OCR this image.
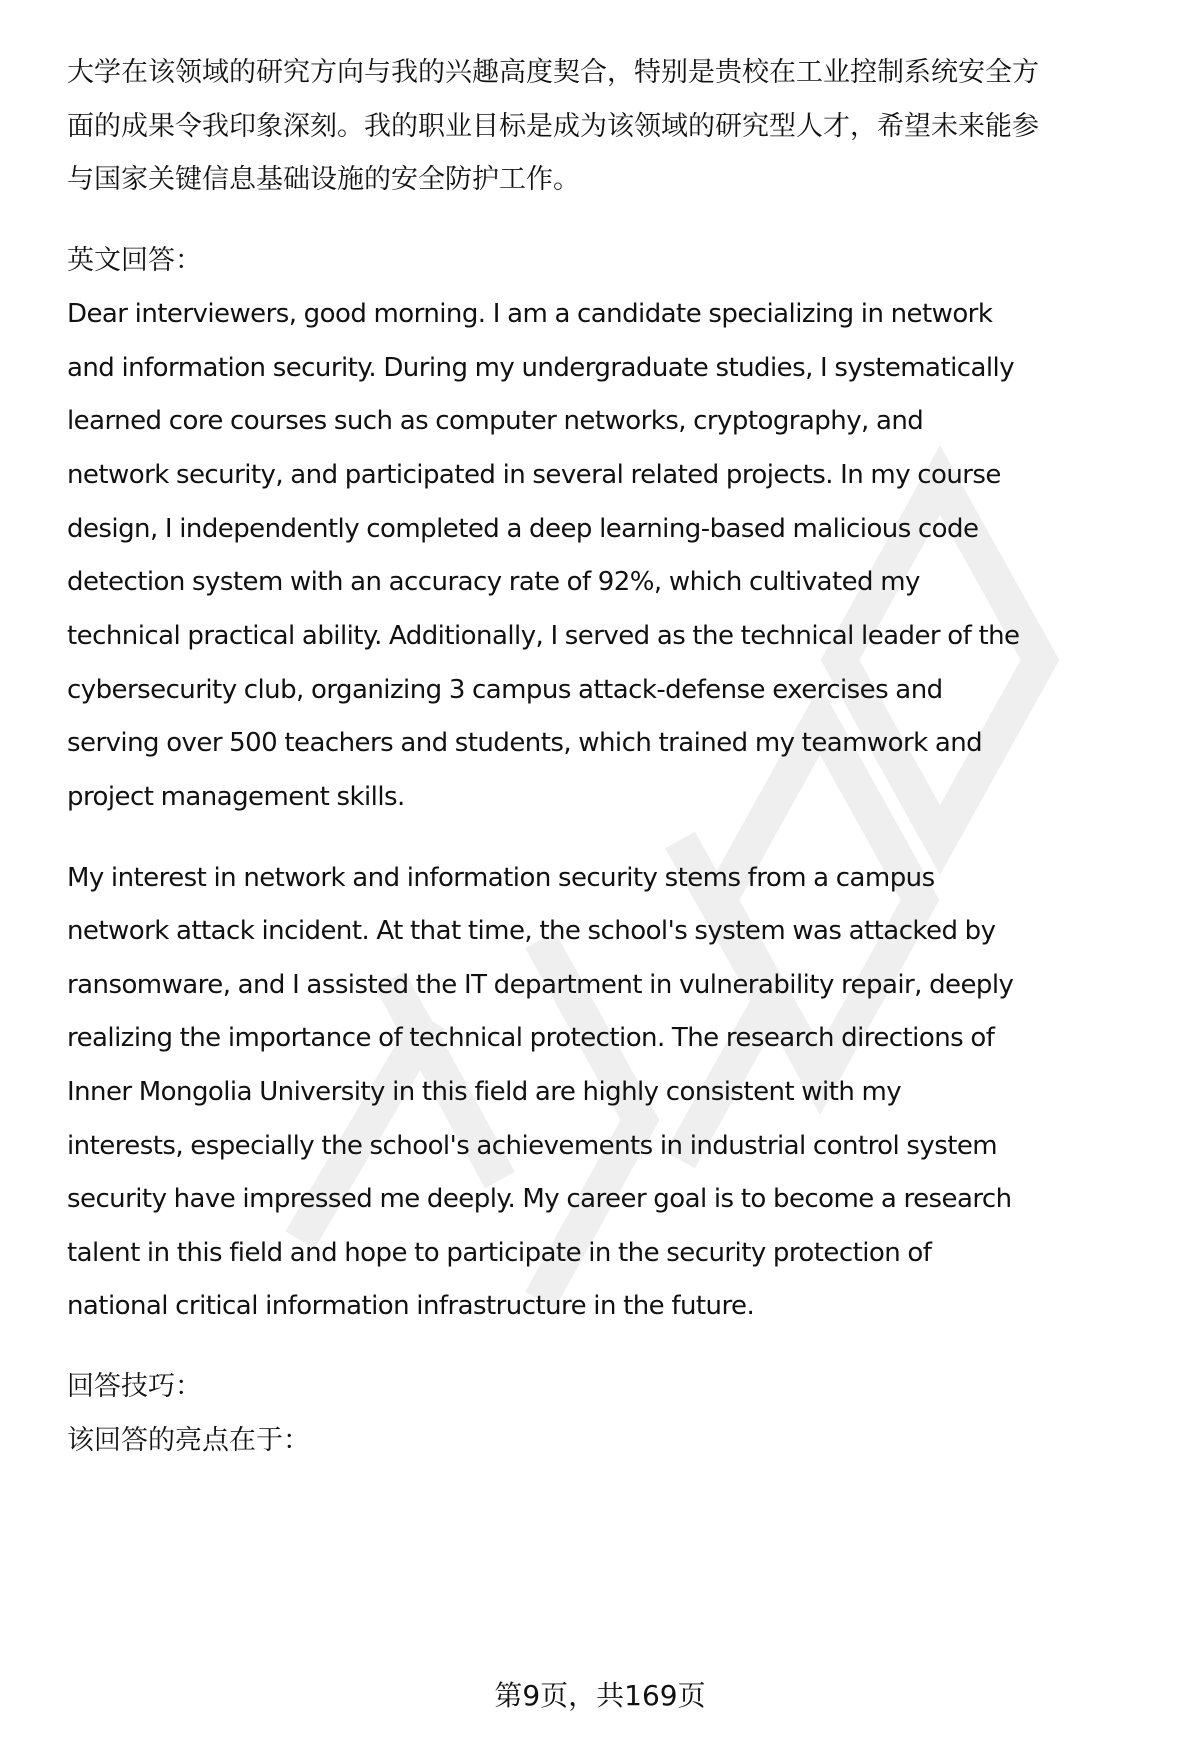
大学在该领域的研究方向与我的兴趣高度契合，特别是贵校在工业控制系统安全方
面的成果令我印象深刻。我的职业目标是成为该领域的研究型人才，希望未来能参
与国家关键信息基础设施的安全防护工作。
英文回答：
Dear interviewers, good morning. I am a candidate specializing in network
and information security. During my undergraduate studies, I systematically
learned core courses such as computer networks, cryptography, and
network security, and participated in several related projects. In my course
design, I independently completed a deep learning-based malicious code
detection system with an accuracy rate of 92%, which cultivated my
technical practical ability. Additionally, I served as the technical leader of the
cybersecurity club, organizing 3 campus attack-defense exercises and
serving over 500 teachers and students, which trained my teamwork and
project management skills.
My interest in network and information security stems from a campus
network attack incident. At that time, the school's system was attacked by
ransomware, and I assisted the IT department in vulnerability repair, deeply
realizing the importance of technical protection. The research directions of
Inner Mongolia University in this field are highly consistent with my
interests, especially the school's achievements in industrial control system
security have impressed me deeply. My career goal is to become a research
talent in this field and hope to participate in the security protection of
national critical information infrastructure in the future.
回答技巧：
该回答的亮点在于：
第9页，共169页
